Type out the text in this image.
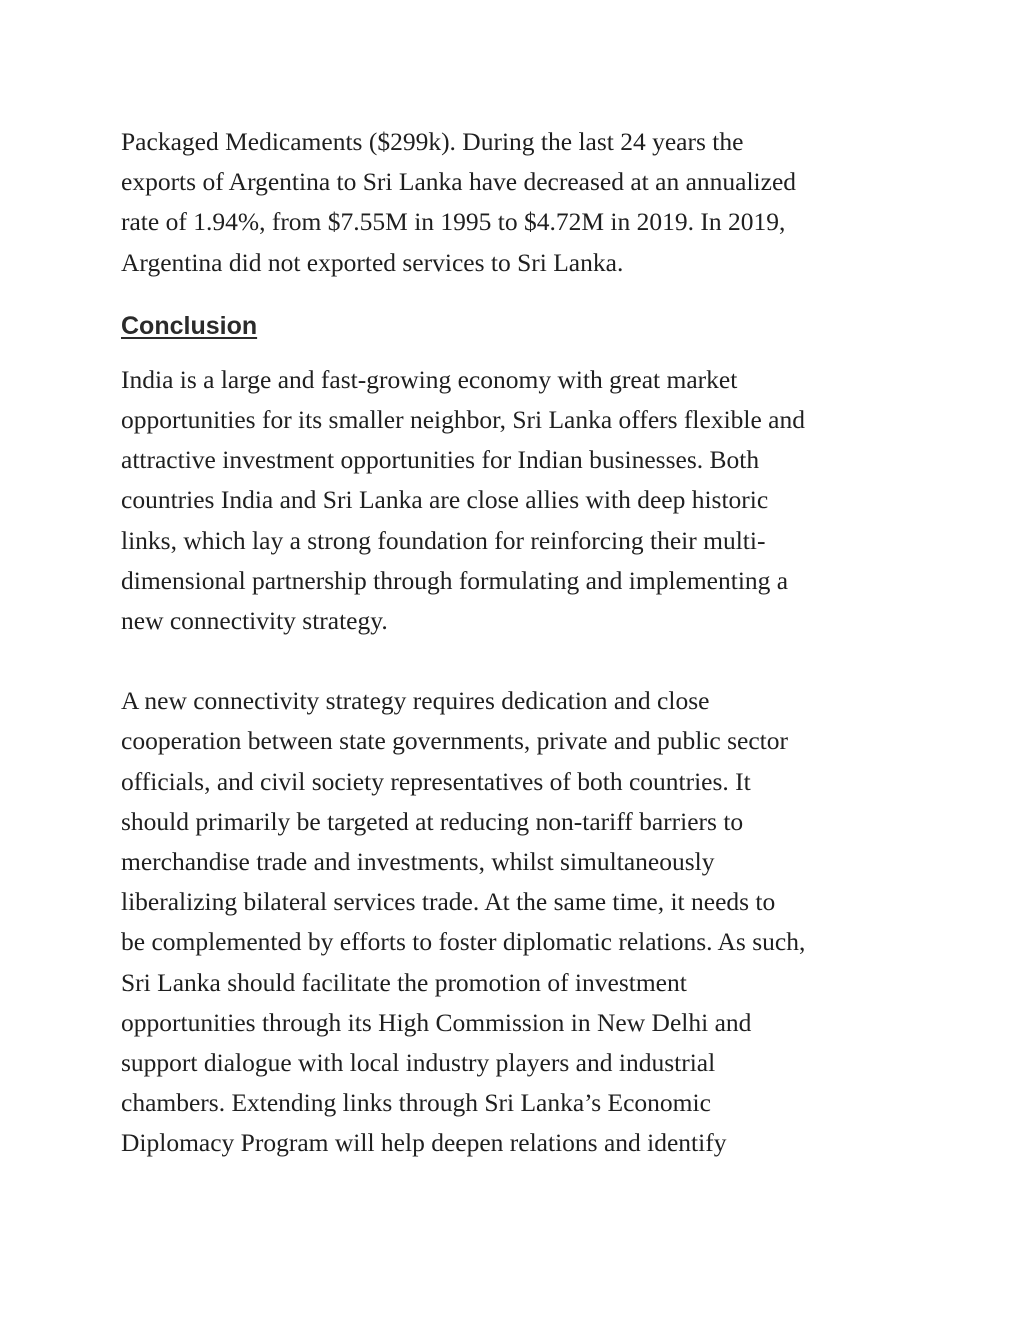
Packaged Medicaments ($299k). During the last 24 years the
exports of Argentina to Sri Lanka have decreased at an annualized
rate of 1.94%, from $7.55M in 1995 to $4.72M in 2019. In 2019,
Argentina did not exported services to Sri Lanka.

Conclusion

India is a large and fast-growing economy with great market
opportunities for its smaller neighbor, Sri Lanka offers flexible and
attractive investment opportunities for Indian businesses. Both
countries India and Sri Lanka are close allies with deep historic
links, which lay a strong foundation for reinforcing their multi-
dimensional partnership through formulating and implementing a
new connectivity strategy.

A new connectivity strategy requires dedication and close
cooperation between state governments, private and public sector
officials, and civil society representatives of both countries. It
should primarily be targeted at reducing non-tariff barriers to
merchandise trade and investments, whilst simultaneously
liberalizing bilateral services trade. At the same time, it needs to
be complemented by efforts to foster diplomatic relations. As such,
Sri Lanka should facilitate the promotion of investment
opportunities through its High Commission in New Delhi and
support dialogue with local industry players and industrial
chambers. Extending links through Sri Lanka’s Economic
Diplomacy Program will help deepen relations and identify
